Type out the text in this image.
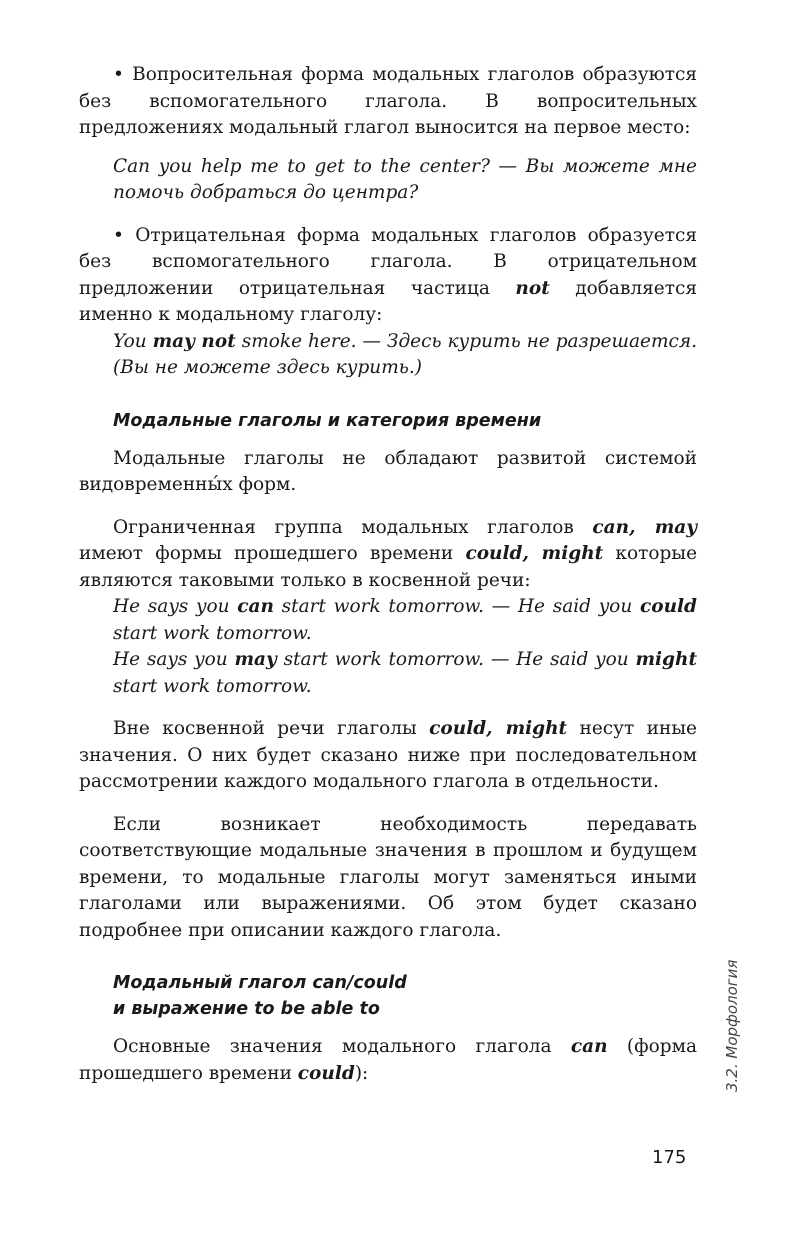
• Вопросительная форма модальных глаголов образуются без вспомогательного глагола. В вопросительных предложениях модальный глагол выносится на первое место:

Can you help me to get to the center? — Вы можете мне помочь добраться до центра?

• Отрицательная форма модальных глаголов образуется без вспомогательного глагола. В отрицательном предложении отрицательная частица not добавляется именно к модальному глаголу:

You may not smoke here. — Здесь курить не разрешается. (Вы не можете здесь курить.)

Модальные глаголы и категория времени

Модальные глаголы не обладают развитой системой видовременны́х форм.

Ограниченная группа модальных глаголов can, may имеют формы прошедшего времени could, might которые являются таковыми только в косвенной речи:

He says you can start work tomorrow. — He said you could start work tomorrow.

He says you may start work tomorrow. — He said you might start work tomorrow.

Вне косвенной речи глаголы could, might несут иные значения. О них будет сказано ниже при последовательном рассмотрении каждого модального глагола в отдельности.

Если возникает необходимость передавать соответствующие модальные значения в прошлом и будущем времени, то модальные глаголы могут заменяться иными глаголами или выражениями. Об этом будет сказано подробнее при описании каждого глагола.

Модальный глагол can/could
и выражение to be able to

Основные значения модального глагола can (форма прошедшего времени could):	3.2. Морфология
175
